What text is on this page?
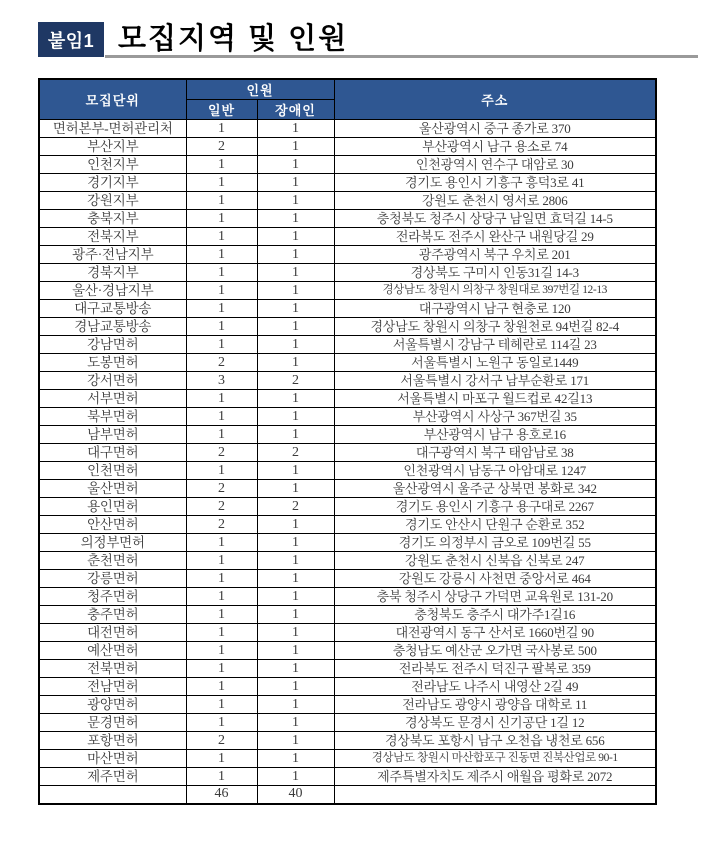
붙임1 모집지역 및 인원
모집단위	인원		주소
	일반	장애인	
면허본부-면허관리처	1	1	울산광역시 중구 종가로 370
부산지부	2	1	부산광역시 남구 용소로 74
인천지부	1	1	인천광역시 연수구 대암로 30
경기지부	1	1	경기도 용인시 기흥구 흥덕3로 41
강원지부	1	1	강원도 춘천시 영서로 2806
충북지부	1	1	충청북도 청주시 상당구 남일면 효덕길 14-5
전북지부	1	1	전라북도 전주시 완산구 내원당길 29
광주·전남지부	1	1	광주광역시 북구 우치로 201
경북지부	1	1	경상북도 구미시 인동31길 14-3
울산·경남지부	1	1	경상남도 창원시 의창구 창원대로 397번길 12-13
대구교통방송	1	1	대구광역시 남구 현충로 120
경남교통방송	1	1	경상남도 창원시 의창구 창원천로 94번길 82-4
강남면허	1	1	서울특별시 강남구 테헤란로 114길 23
도봉면허	2	1	서울특별시 노원구 동일로1449
강서면허	3	2	서울특별시 강서구 남부순환로 171
서부면허	1	1	서울특별시 마포구 월드컵로 42길13
북부면허	1	1	부산광역시 사상구 367번길 35
남부면허	1	1	부산광역시 남구 용호로16
대구면허	2	2	대구광역시 북구 태암남로 38
인천면허	1	1	인천광역시 남동구 아암대로 1247
울산면허	2	1	울산광역시 울주군 상북면 봉화로 342
용인면허	2	2	경기도 용인시 기흥구 용구대로 2267
안산면허	2	1	경기도 안산시 단원구 순환로 352
의정부면허	1	1	경기도 의정부시 금오로 109번길 55
춘천면허	1	1	강원도 춘천시 신북읍 신북로 247
강릉면허	1	1	강원도 강릉시 사천면 중앙서로 464
청주면허	1	1	충북 청주시 상당구 가덕면 교육원로 131-20
충주면허	1	1	충청북도 충주시 대가주1길16
대전면허	1	1	대전광역시 동구 산서로 1660번길 90
예산면허	1	1	충청남도 예산군 오가면 국사봉로 500
전북면허	1	1	전라북도 전주시 덕진구 팔복로 359
전남면허	1	1	전라남도 나주시 내영산 2길 49
광양면허	1	1	전라남도 광양시 광양읍 대학로 11
문경면허	1	1	경상북도 문경시 신기공단 1길 12
포항면허	2	1	경상북도 포항시 남구 오천읍 냉천로 656
마산면허	1	1	경상남도 창원시 마산합포구 진동면 진북산업로 90-1
제주면허	1	1	제주특별자치도 제주시 애월읍 평화로 2072
	46	40	
